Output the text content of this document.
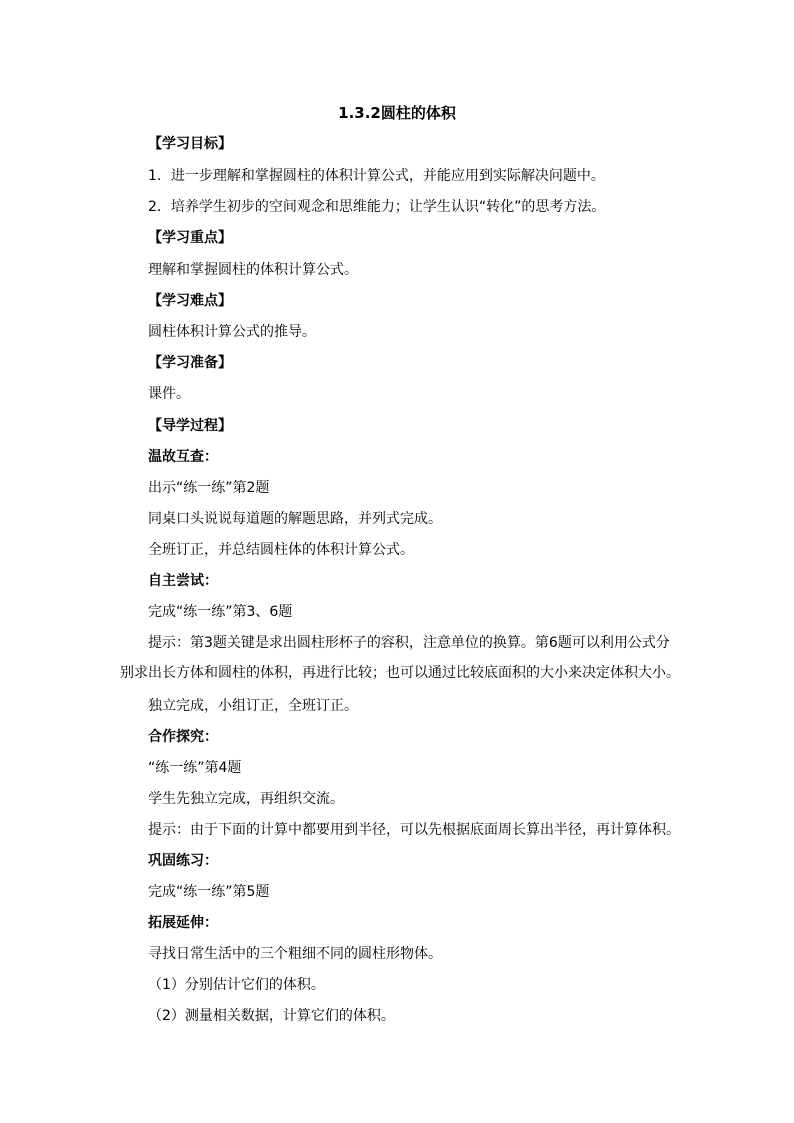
1.3.2圆柱的体积
【学习目标】
1．进一步理解和掌握圆柱的体积计算公式，并能应用到实际解决问题中。
2．培养学生初步的空间观念和思维能力；让学生认识“转化”的思考方法。
【学习重点】
理解和掌握圆柱的体积计算公式。
【学习难点】
圆柱体积计算公式的推导。
【学习准备】
课件。
【导学过程】
温故互查：
出示“练一练”第2题
同桌口头说说每道题的解题思路，并列式完成。
全班订正，并总结圆柱体的体积计算公式。
自主尝试：
完成“练一练”第3、6题
提示：第3题关键是求出圆柱形杯子的容积，注意单位的换算。第6题可以利用公式分别求出长方体和圆柱的体积，再进行比较；也可以通过比较底面积的大小来决定体积大小。
独立完成，小组订正，全班订正。
合作探究：
“练一练”第4题
学生先独立完成，再组织交流。
提示：由于下面的计算中都要用到半径，可以先根据底面周长算出半径，再计算体积。
巩固练习：
完成“练一练”第5题
拓展延伸：
寻找日常生活中的三个粗细不同的圆柱形物体。
（1）分别估计它们的体积。
（2）测量相关数据，计算它们的体积。
